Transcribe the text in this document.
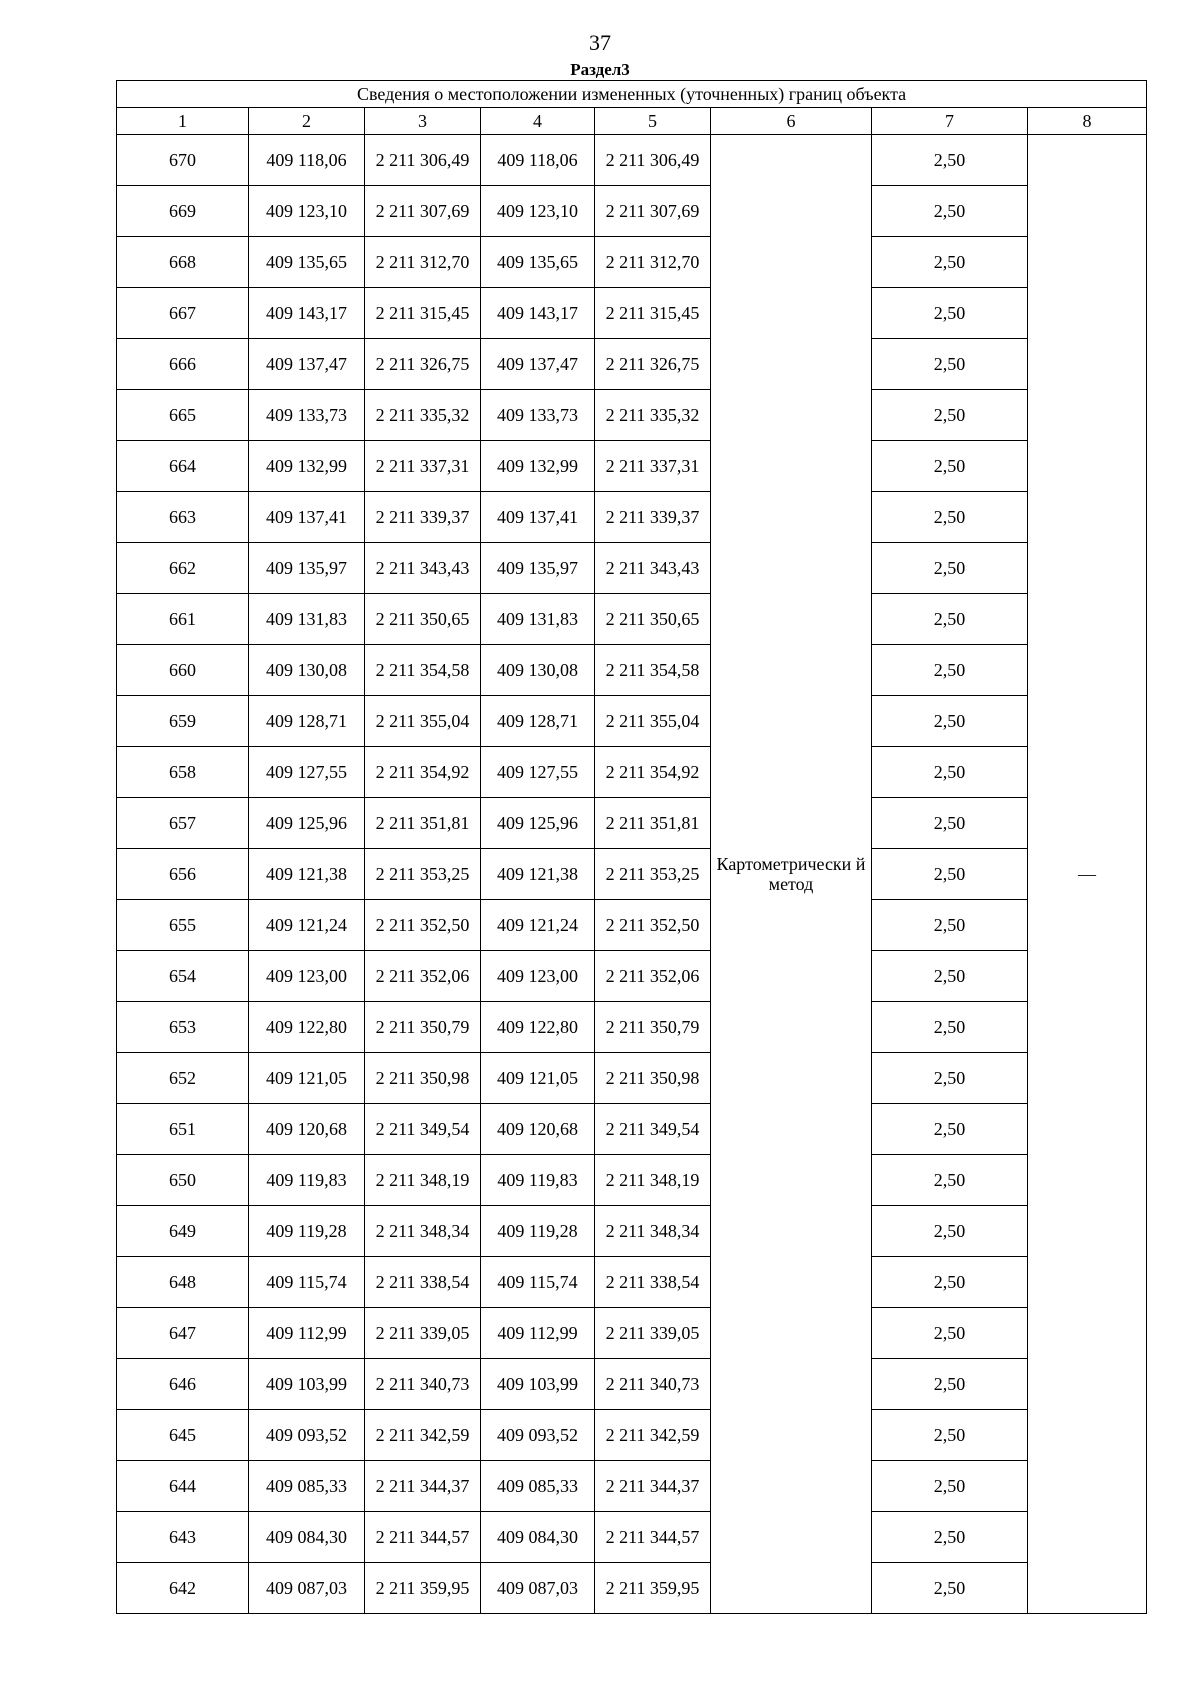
37
Раздел3
Сведения о местоположении измененных (уточненных) границ объекта							
1	2	3	4	5	6	7	8
670	409 118,06	2 211 306,49	409 118,06	2 211 306,49	Картометрически й метод	2,50	—
669	409 123,10	2 211 307,69	409 123,10	2 211 307,69		2,50	
668	409 135,65	2 211 312,70	409 135,65	2 211 312,70		2,50	
667	409 143,17	2 211 315,45	409 143,17	2 211 315,45		2,50	
666	409 137,47	2 211 326,75	409 137,47	2 211 326,75		2,50	
665	409 133,73	2 211 335,32	409 133,73	2 211 335,32		2,50	
664	409 132,99	2 211 337,31	409 132,99	2 211 337,31		2,50	
663	409 137,41	2 211 339,37	409 137,41	2 211 339,37		2,50	
662	409 135,97	2 211 343,43	409 135,97	2 211 343,43		2,50	
661	409 131,83	2 211 350,65	409 131,83	2 211 350,65		2,50	
660	409 130,08	2 211 354,58	409 130,08	2 211 354,58		2,50	
659	409 128,71	2 211 355,04	409 128,71	2 211 355,04		2,50	
658	409 127,55	2 211 354,92	409 127,55	2 211 354,92		2,50	
657	409 125,96	2 211 351,81	409 125,96	2 211 351,81		2,50	
656	409 121,38	2 211 353,25	409 121,38	2 211 353,25		2,50	
655	409 121,24	2 211 352,50	409 121,24	2 211 352,50		2,50	
654	409 123,00	2 211 352,06	409 123,00	2 211 352,06		2,50	
653	409 122,80	2 211 350,79	409 122,80	2 211 350,79		2,50	
652	409 121,05	2 211 350,98	409 121,05	2 211 350,98		2,50	
651	409 120,68	2 211 349,54	409 120,68	2 211 349,54		2,50	
650	409 119,83	2 211 348,19	409 119,83	2 211 348,19		2,50	
649	409 119,28	2 211 348,34	409 119,28	2 211 348,34		2,50	
648	409 115,74	2 211 338,54	409 115,74	2 211 338,54		2,50	
647	409 112,99	2 211 339,05	409 112,99	2 211 339,05		2,50	
646	409 103,99	2 211 340,73	409 103,99	2 211 340,73		2,50	
645	409 093,52	2 211 342,59	409 093,52	2 211 342,59		2,50	
644	409 085,33	2 211 344,37	409 085,33	2 211 344,37		2,50	
643	409 084,30	2 211 344,57	409 084,30	2 211 344,57		2,50	
642	409 087,03	2 211 359,95	409 087,03	2 211 359,95		2,50	
